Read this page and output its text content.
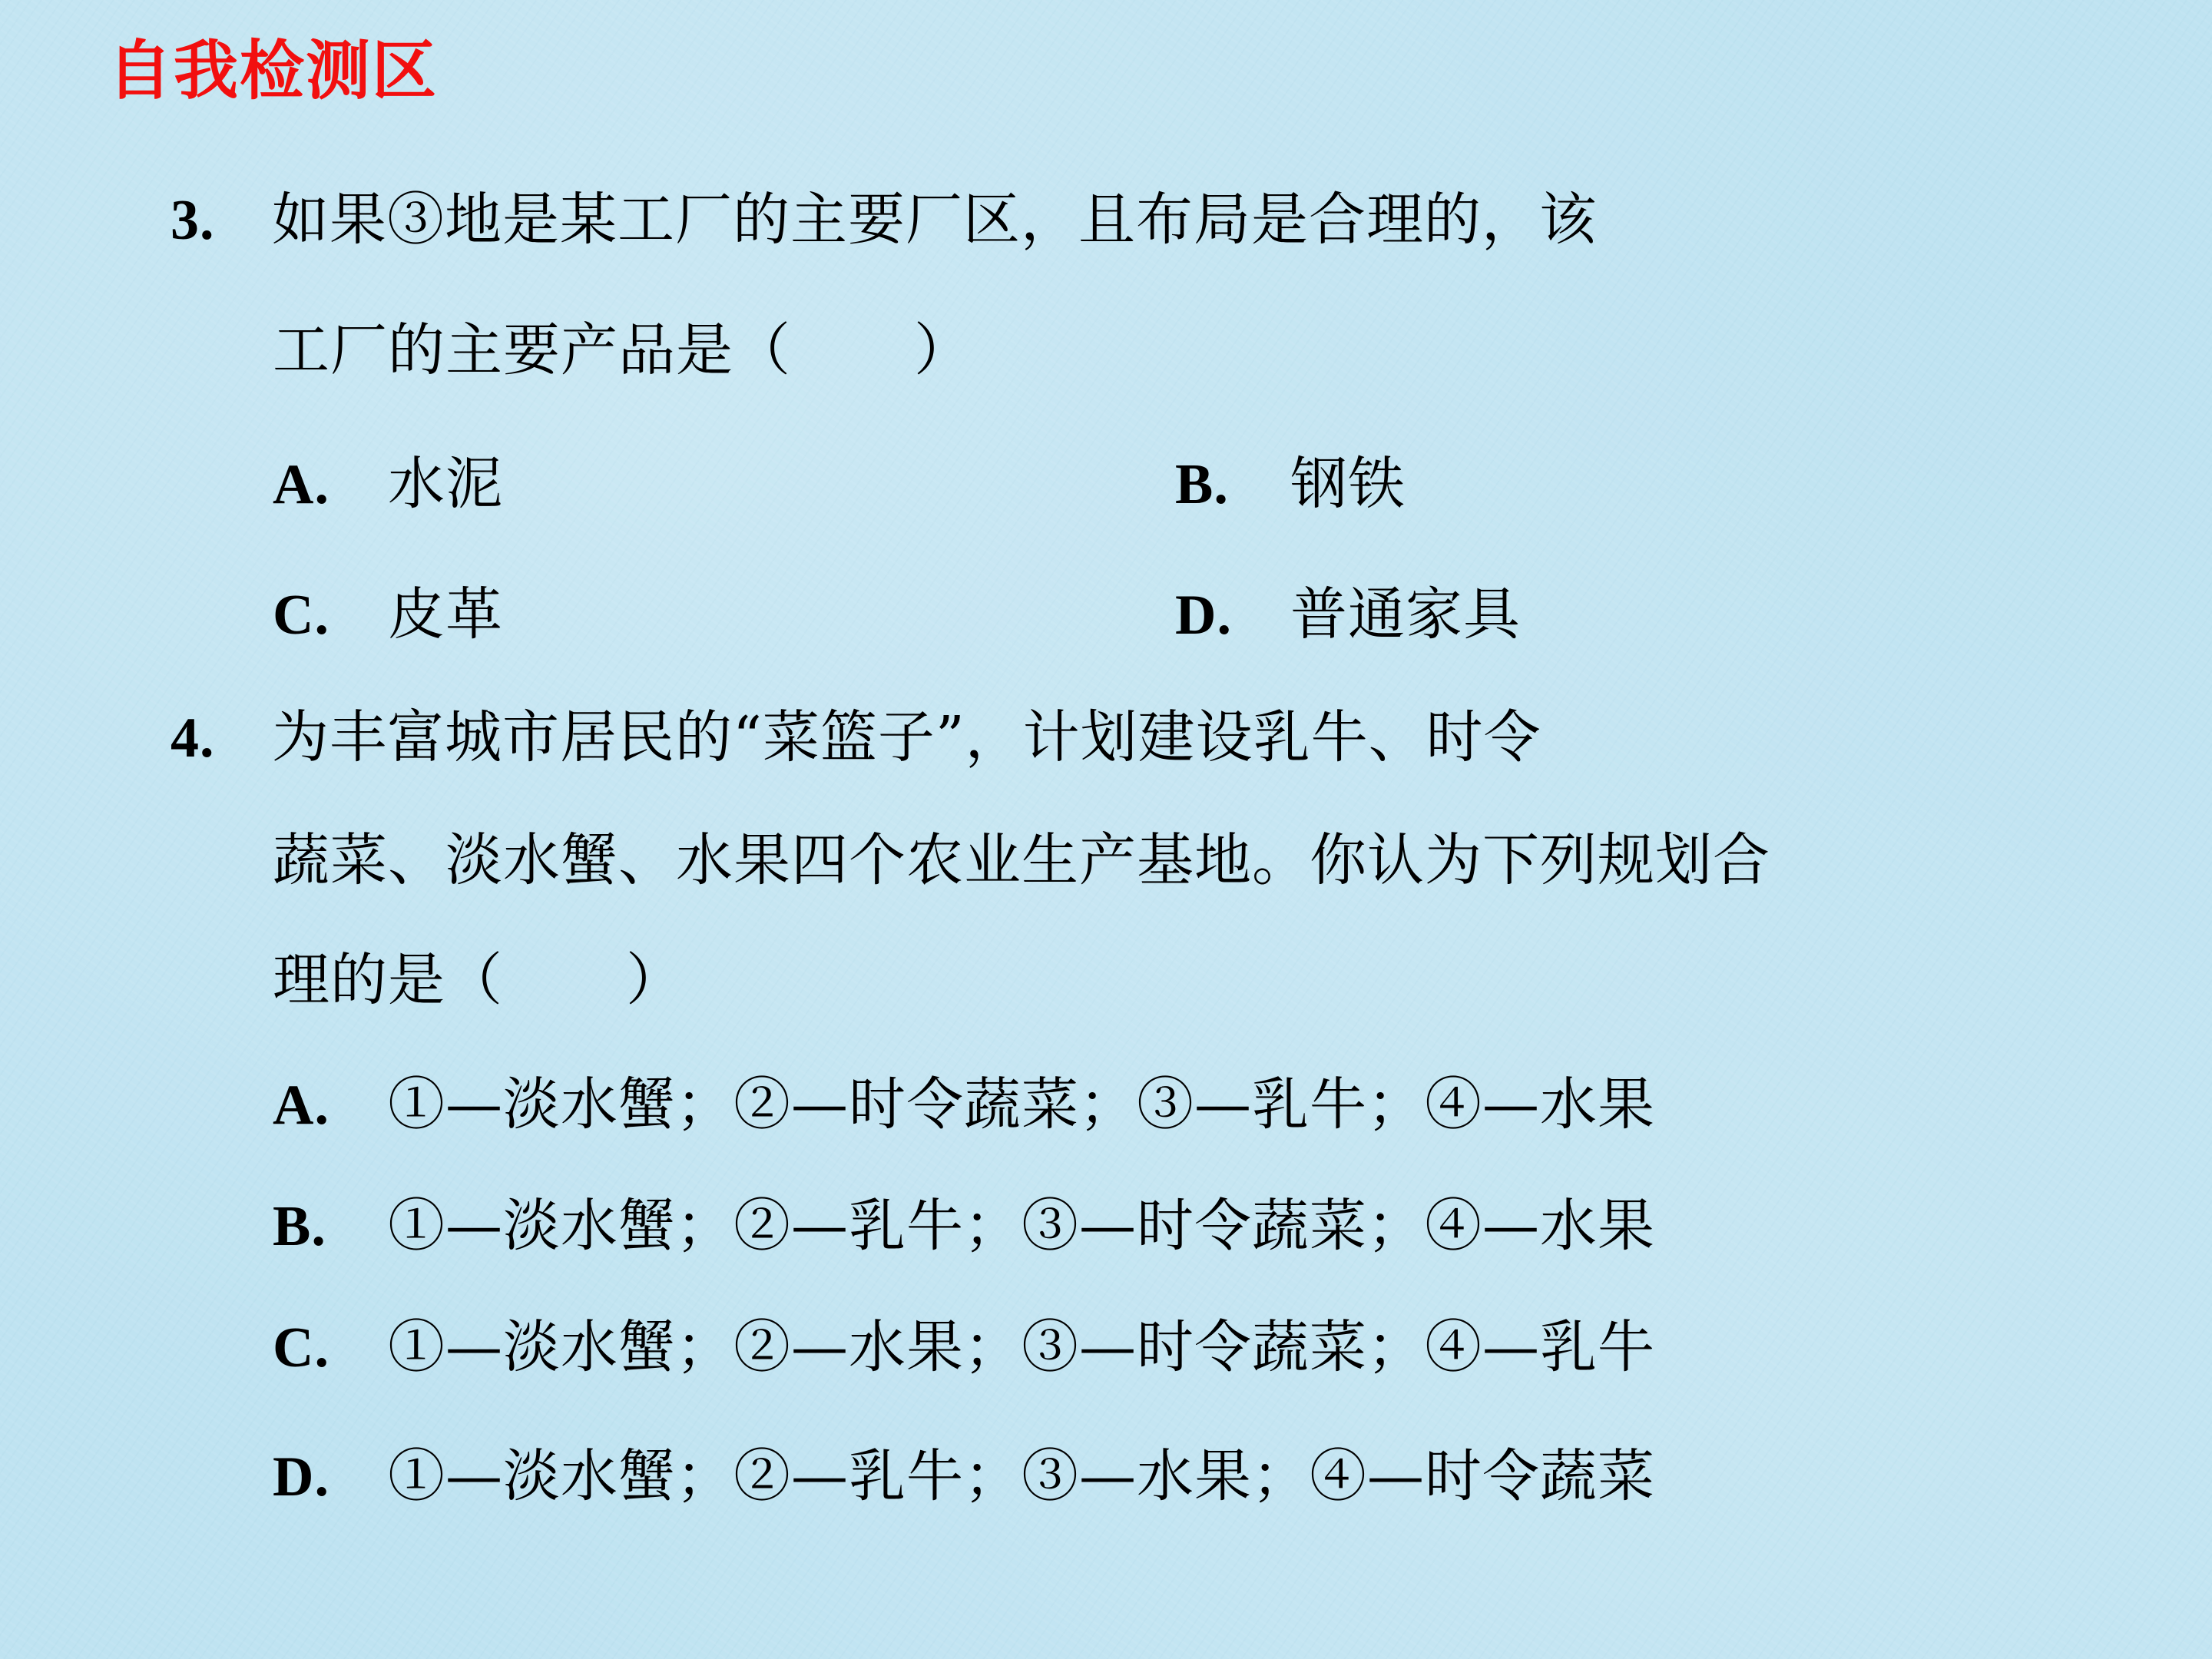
自我检测区
3. 如果③地是某工厂的主要厂区，且布局是合理的，该
工厂的主要产品是（ ）
A. 水泥	B. 钢铁
C. 皮革	D. 普通家具
4. 为丰富城市居民的“菜篮子”，计划建设乳牛、时令
蔬菜、淡水蟹、水果四个农业生产基地。你认为下列规划合
理的是（ ）
A. ①—淡水蟹；②—时令蔬菜；③—乳牛；④—水果
B. ①—淡水蟹；②—乳牛；③—时令蔬菜；④—水果
C. ①—淡水蟹；②—水果；③—时令蔬菜；④—乳牛
D. ①—淡水蟹；②—乳牛；③—水果；④—时令蔬菜
